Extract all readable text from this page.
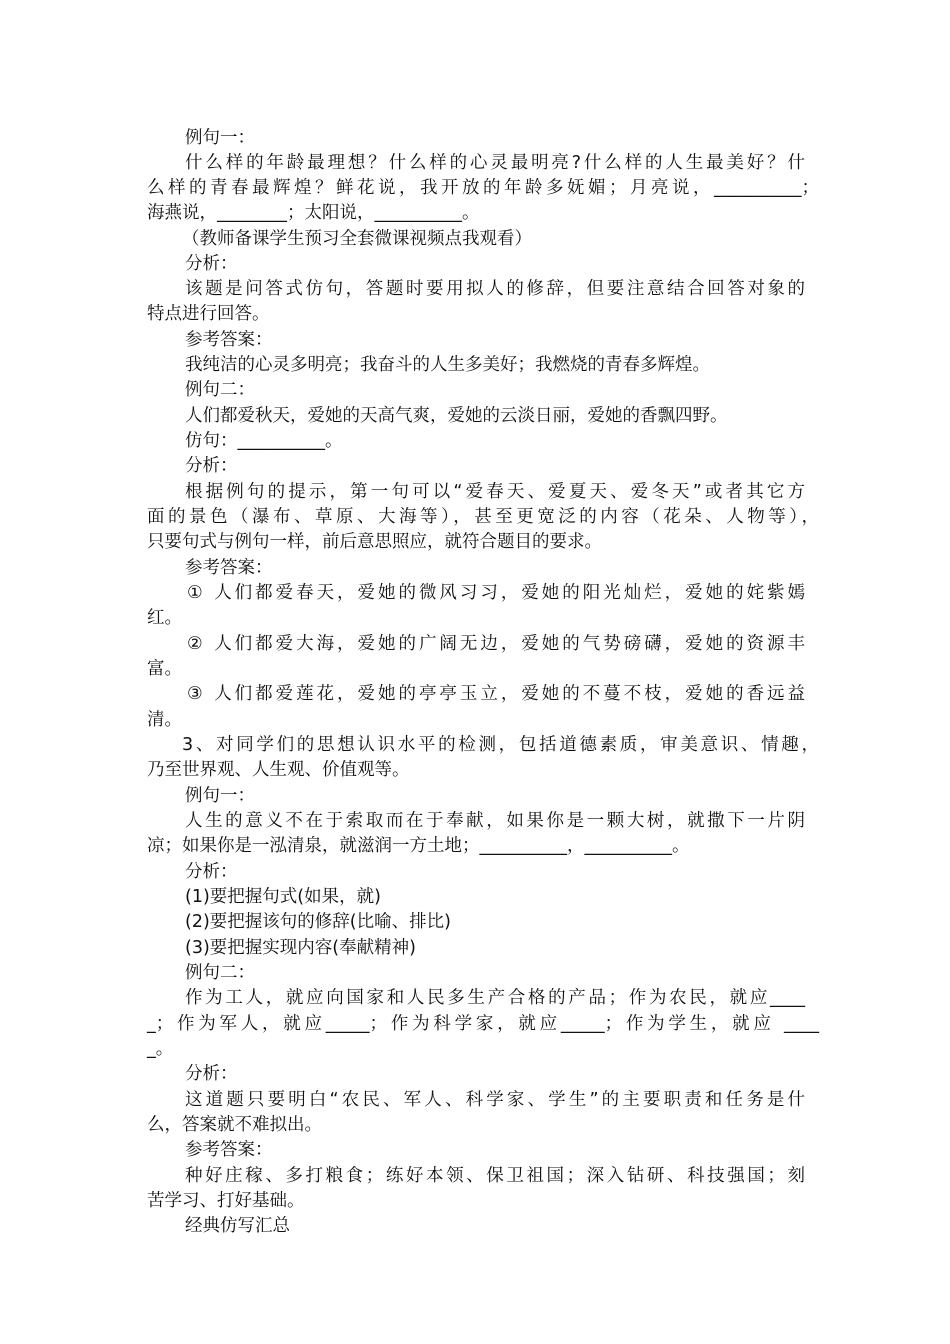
例句一：
什么样的年龄最理想？什么样的心灵最明亮?什么样的人生最美好？什
么样的青春最辉煌？鲜花说，我开放的年龄多妩媚；月亮说，__________；
海燕说，________；太阳说，__________。
（教师备课学生预习全套微课视频点我观看）
分析：
该题是问答式仿句，答题时要用拟人的修辞，但要注意结合回答对象的
特点进行回答。
参考答案：
我纯洁的心灵多明亮；我奋斗的人生多美好；我燃烧的青春多辉煌。
例句二：
人们都爱秋天，爱她的天高气爽，爱她的云淡日丽，爱她的香飘四野。
仿句：__________。
分析：
根据例句的提示，第一句可以“爱春天、爱夏天、爱冬天”或者其它方
面的景色（瀑布、草原、大海等），甚至更宽泛的内容（花朵、人物等），
只要句式与例句一样，前后意思照应，就符合题目的要求。
参考答案：
① 人们都爱春天，爱她的微风习习，爱她的阳光灿烂，爱她的姹紫嫣
红。
② 人们都爱大海，爱她的广阔无边，爱她的气势磅礴，爱她的资源丰
富。
③ 人们都爱莲花，爱她的亭亭玉立，爱她的不蔓不枝，爱她的香远益
清。
3、对同学们的思想认识水平的检测，包括道德素质，审美意识、情趣，
乃至世界观、人生观、价值观等。
例句一：
人生的意义不在于索取而在于奉献，如果你是一颗大树，就撒下一片阴
凉；如果你是一泓清泉，就滋润一方土地；__________，__________。
分析：
(1)要把握句式(如果，就)
(2)要把握该句的修辞(比喻、排比)
(3)要把握实现内容(奉献精神)
例句二：
作为工人，就应向国家和人民多生产合格的产品；作为农民，就应____
_；作为军人，就应_____；作为科学家，就应_____；作为学生，就应 ____
_。
分析：
这道题只要明白“农民、军人、科学家、学生”的主要职责和任务是什
么，答案就不难拟出。
参考答案：
种好庄稼、多打粮食；练好本领、保卫祖国；深入钻研、科技强国；刻
苦学习、打好基础。
经典仿写汇总
